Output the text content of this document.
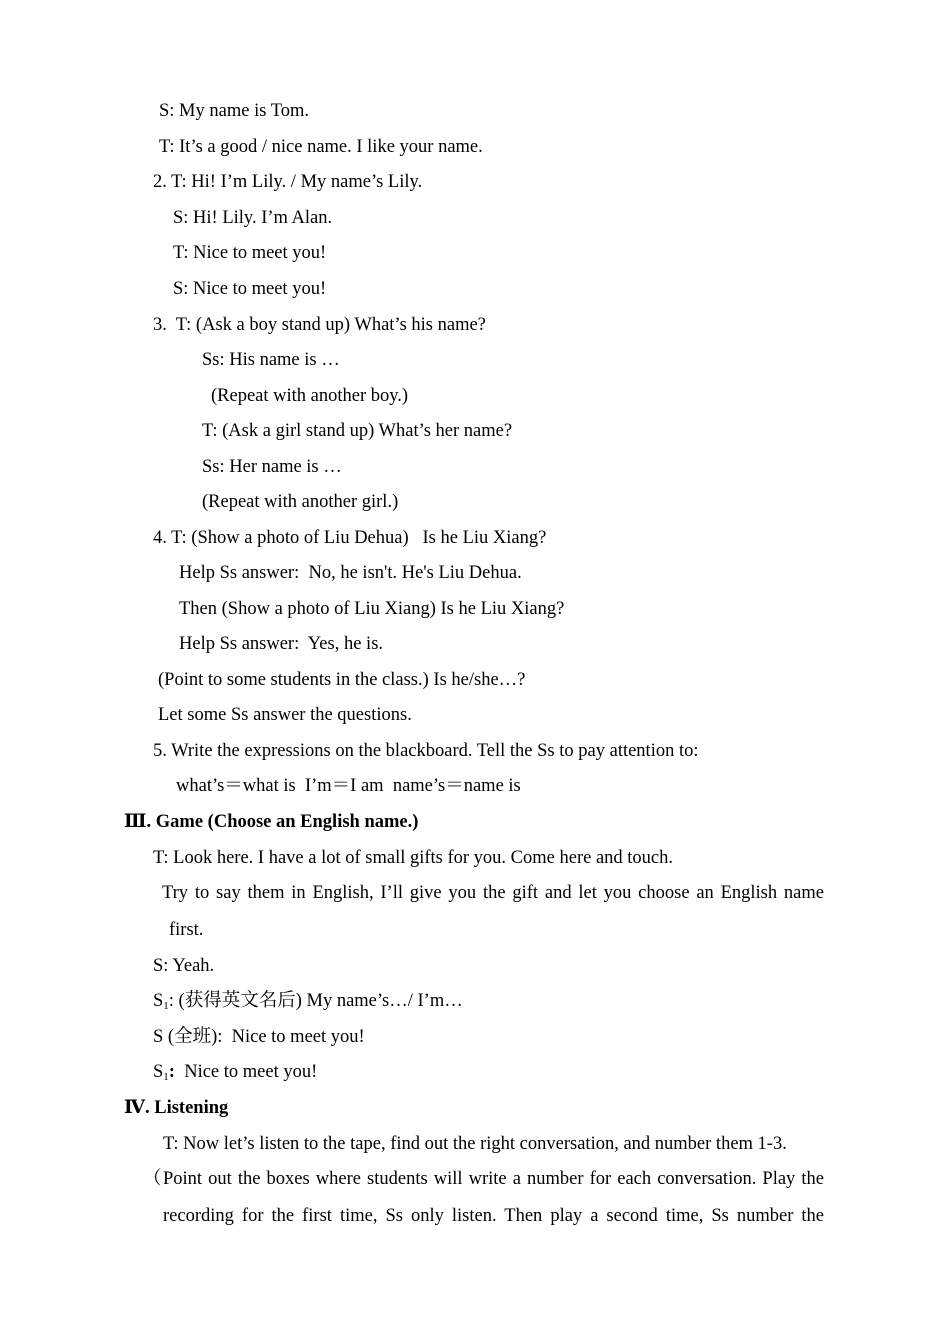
S: My name is Tom.
T: It’s a good / nice name. I like your name.
2. T: Hi! I’m Lily. / My name’s Lily.
S: Hi! Lily. I’m Alan.
T: Nice to meet you!
S: Nice to meet you!
3.  T: (Ask a boy stand up) What’s his name?
Ss: His name is …
(Repeat with another boy.)
T: (Ask a girl stand up) What’s her name?
Ss: Her name is …
(Repeat with another girl.)
4. T: (Show a photo of Liu Dehua)   Is he Liu Xiang?
Help Ss answer:  No, he isn't. He's Liu Dehua.
Then (Show a photo of Liu Xiang) Is he Liu Xiang?
Help Ss answer:  Yes, he is.
(Point to some students in the class.) Is he/she…?
Let some Ss answer the questions.
5. Write the expressions on the blackboard. Tell the Ss to pay attention to:
what’s＝what is  I’m＝I am  name’s＝name is
Ⅲ. Game (Choose an English name.)
T: Look here. I have a lot of small gifts for you. Come here and touch.
Try to say them in English, I’ll give you the gift and let you choose an English name
first.
S: Yeah.
$S_1$: (获得英文名后) My name’s…/ I’m…
S (全班):  Nice to meet you!
$S_1$:  Nice to meet you!
Ⅳ. Listening
T: Now let’s listen to the tape, find out the right conversation, and number them 1-3.
（Point out the boxes where students will write a number for each conversation. Play the
recording for the first time, Ss only listen. Then play a second time, Ss number the
